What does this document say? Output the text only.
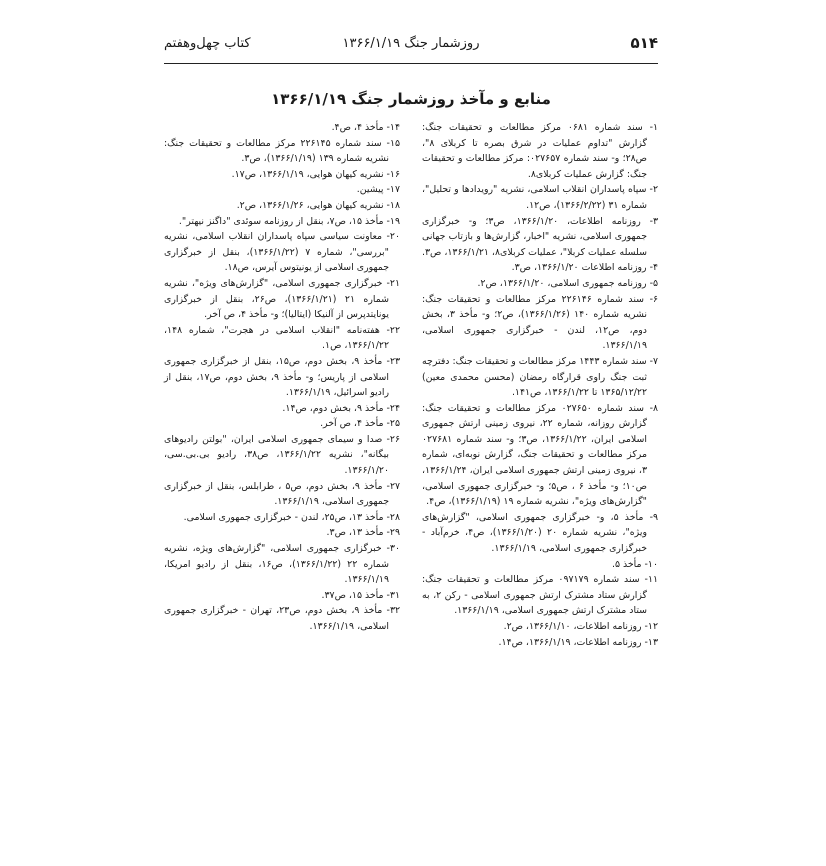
۵۱۴
روزشمار جنگ ۱۳۶۶/۱/۱۹
کتاب چهل‌وهفتم
منابع و مآخذ روزشمار جنگ ۱۳۶۶/۱/۱۹

۱- سند شماره ۰۶۸۱ مرکز مطالعات و تحقیقات جنگ: گزارش "تداوم عملیات در شرق بصره تا کربلای ۸"، ص۲۸؛ و- سند شماره ۰۲۷۶۵۷: مرکز مطالعات و تحقیقات جنگ: گزارش عملیات کربلای۸.

۲- سپاه پاسداران انقلاب اسلامی، نشریه "رویدادها و تحلیل"، شماره ۳۱ (۱۳۶۶/۲/۲۲)، ص۱۲.

۳- روزنامه اطلاعات، ۱۳۶۶/۱/۲۰، ص۳؛ و- خبرگزاری جمهوری اسلامی، نشریه "اخبار، گزارش‌ها و بازتاب جهانی سلسله عملیات کربلا"، عملیات کربلای۸، ۱۳۶۶/۱/۲۱، ص۳.

۴- روزنامه اطلاعات ۱۳۶۶/۱/۲۰، ص۳.

۵- روزنامه جمهوری اسلامی، ۱۳۶۶/۱/۲۰، ص۲.

۶- سند شماره ۲۲۶۱۴۶ مرکز مطالعات و تحقیقات جنگ: نشریه شماره ۱۴۰ (۱۳۶۶/۱/۲۶)، ص۲؛ و- مأخذ ۳، بخش دوم، ص۱۲، لندن - خبرگزاری جمهوری اسلامی، ۱۳۶۶/۱/۱۹.

۷- سند شماره ۱۴۴۳ مرکز مطالعات و تحقیقات جنگ: دفترچه ثبت جنگ راوی قرارگاه رمضان (محسن محمدی معین) ۱۳۶۵/۱۲/۲۲ تا ۱۳۶۶/۱/۲۲، ص۱۴۱.

۸- سند شماره ۰۲۷۶۵۰ مرکز مطالعات و تحقیقات جنگ: گزارش روزانه، شماره ۲۲، نیروی زمینی ارتش جمهوری اسلامی ایران، ۱۳۶۶/۱/۲۲، ص۳؛ و- سند شماره ۰۲۷۶۸۱ مرکز مطالعات و تحقیقات جنگ، گزارش نوبه‌ای، شماره ۳، نیروی زمینی ارتش جمهوری اسلامی ایران، ۱۳۶۶/۱/۲۴، ص۱۰؛ و- مأخذ ۶ ، ص۵؛ و- خبرگزاری جمهوری اسلامی، "گزارش‌های ویژه"، نشریه شماره ۱۹ (۱۳۶۶/۱/۱۹)، ص۴.

۹- مأخذ ۵، و- خبرگزاری جمهوری اسلامی، "گزارش‌های ویژه"، نشریه شماره ۲۰ (۱۳۶۶/۱/۲۰)، ص۴، خرم‌آباد - خبرگزاری جمهوری اسلامی، ۱۳۶۶/۱/۱۹.

۱۰- مأخذ ۵.

۱۱- سند شماره ۰۹۷۱۷۹ مرکز مطالعات و تحقیقات جنگ: گزارش ستاد مشترک ارتش جمهوری اسلامی - رکن ۲، به ستاد مشترک ارتش جمهوری اسلامی، ۱۳۶۶/۱/۱۹.

۱۲- روزنامه اطلاعات، ۱۳۶۶/۱/۱۰، ص۲.

۱۳- روزنامه اطلاعات، ۱۳۶۶/۱/۱۹، ص۱۴.

۱۴- مأخذ ۴، ص۴.

۱۵- سند شماره ۲۲۶۱۴۵ مرکز مطالعات و تحقیقات جنگ: نشریه شماره ۱۳۹ (۱۳۶۶/۱/۱۹)، ص۳.

۱۶- نشریه کیهان هوایی، ۱۳۶۶/۱/۱۹، ص۱۷.

۱۷- پیشین.

۱۸- نشریه کیهان هوایی، ۱۳۶۶/۱/۲۶، ص۲.

۱۹- مأخذ ۱۵، ص۷، بنقل از روزنامه سوئدی "داگنز نیهتر".

۲۰- معاونت سیاسی سپاه پاسداران انقلاب اسلامی، نشریه "بررسی"، شماره ۷ (۱۳۶۶/۱/۲۲)، بنقل از خبرگزاری جمهوری اسلامی از یونیتوس آیرس، ص۱۸.

۲۱- خبرگزاری جمهوری اسلامی، "گزارش‌های ویژه"، نشریه شماره ۲۱ (۱۳۶۶/۱/۲۱)، ص۲۶، بنقل از خبرگزاری یونایتدپرس از آلنیکا (ایتالیا)؛ و- مأخذ ۴، ص آخر.

۲۲- هفته‌نامه "انقلاب اسلامی در هجرت"، شماره ۱۴۸، ۱۳۶۶/۱/۲۲، ص۱.

۲۳- مأخذ ۹، بخش دوم، ص۱۵، بنقل از خبرگزاری جمهوری اسلامی از پاریس؛ و- مأخذ ۹، بخش دوم، ص۱۷، بنقل از رادیو اسرائیل، ۱۳۶۶/۱/۱۹.

۲۴- مأخذ ۹، بخش دوم، ص۱۴.

۲۵- مأخذ ۴، ص آخر.

۲۶- صدا و سیمای جمهوری اسلامی ایران، "بولتن رادیوهای بیگانه"، نشریه ۱۳۶۶/۱/۲۲، ص۳۸، رادیو بی.بی.سی، ۱۳۶۶/۱/۲۰.

۲۷- مأخذ ۹، بخش دوم، ص۵ ، طرابلس، بنقل از خبرگزاری جمهوری اسلامی، ۱۳۶۶/۱/۱۹.

۲۸- مأخذ ۱۳، ص۲۵، لندن - خبرگزاری جمهوری اسلامی.

۲۹- مأخذ ۱۳، ص۳.

۳۰- خبرگزاری جمهوری اسلامی، "گزارش‌های ویژه، نشریه شماره ۲۲ (۱۳۶۶/۱/۲۲)، ص۱۶، بنقل از رادیو امریکا، ۱۳۶۶/۱/۱۹.

۳۱- مأخذ ۱۵، ص۳۷.

۳۲- مأخذ ۹، بخش دوم، ص۲۳، تهران - خبرگزاری جمهوری اسلامی، ۱۳۶۶/۱/۱۹.
